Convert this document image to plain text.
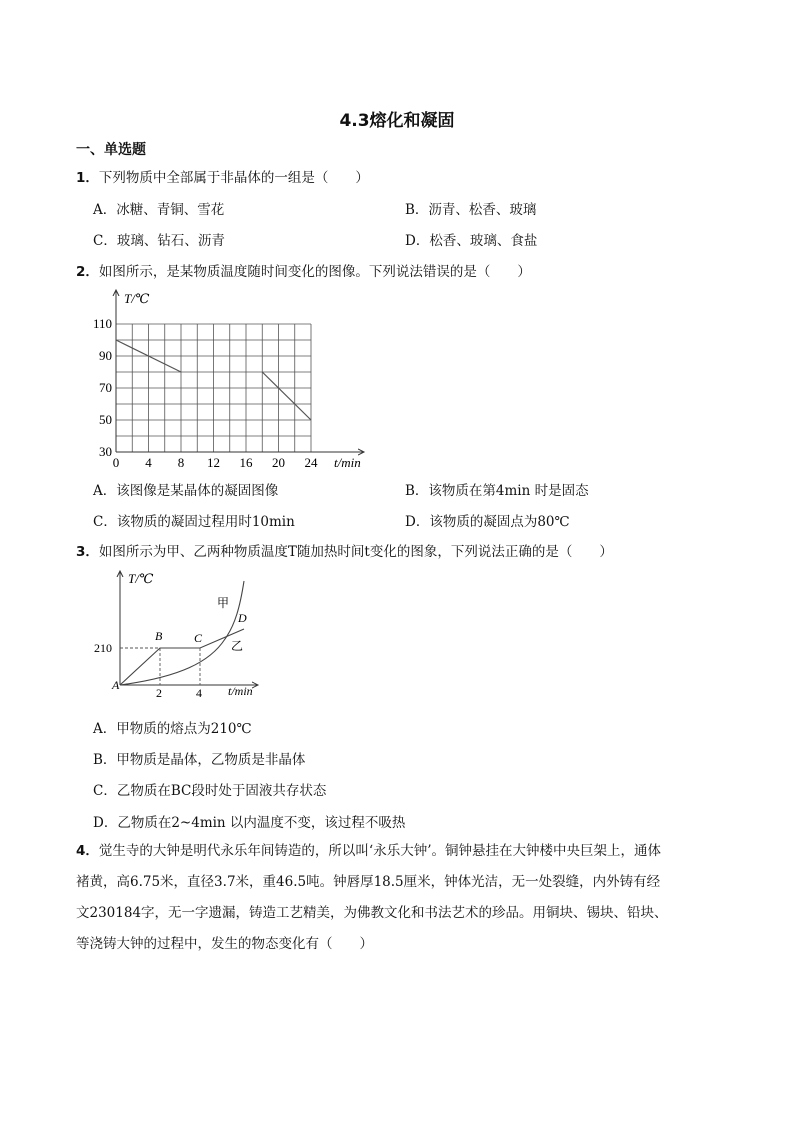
4.3熔化和凝固
一、单选题
1．下列物质中全部属于非晶体的一组是（　　）
A．冰糖、青铜、雪花	B．沥青、松香、玻璃
C．玻璃、钻石、沥青	D．松香、玻璃、食盐
2．如图所示，是某物质温度随时间变化的图像。下列说法错误的是（　　）
T/℃
t/min
0 4 8 12 16 20 24
30
50
70
90
110
A．该图像是某晶体的凝固图像	B．该物质在第4min 时是固态
C．该物质的凝固过程用时10min	D．该物质的凝固点为80℃
3．如图所示为甲、乙两种物质温度T随加热时间t变化的图象，下列说法正确的是（　　）
T/℃
t/min
A
B	C
D
甲
乙
210
2	4
A．甲物质的熔点为210℃
B．甲物质是晶体，乙物质是非晶体
C．乙物质在BC段时处于固液共存状态
D．乙物质在2~4min 以内温度不变，该过程不吸热
4．觉生寺的大钟是明代永乐年间铸造的，所以叫‘永乐大钟’。铜钟悬挂在大钟楼中央巨架上，通体
褚黄，高6.75米，直径3.7米，重46.5吨。钟唇厚18.5厘米，钟体光洁，无一处裂缝，内外铸有经
文230184字，无一字遗漏，铸造工艺精美，为佛教文化和书法艺术的珍品。用铜块、锡块、铅块、
等浇铸大钟的过程中，发生的物态变化有（　　）
